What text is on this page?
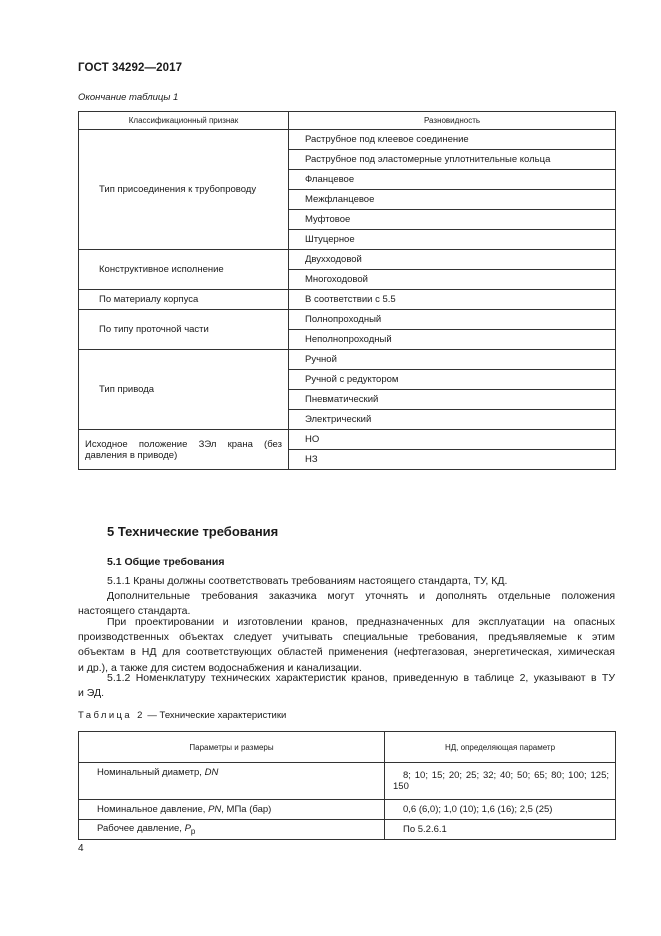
ГОСТ 34292—2017
Окончание таблицы 1
Классификационный признак	Разновидность
Тип присоединения к трубопроводу	Раструбное под клеевое соединение
	Раструбное под эластомерные уплотнительные кольца
	Фланцевое
	Межфланцевое
	Муфтовое
	Штуцерное
Конструктивное исполнение	Двухходовой
	Многоходовой
По материалу корпуса	В соответствии с 5.5
По типу проточной части	Полнопроходный
	Неполнопроходный
Тип привода	Ручной
	Ручной с редуктором
	Пневматический
	Электрический

Исходное положение ЗЭл крана (без
давления в приводе)	НО
	НЗ
5 Технические требования
5.1 Общие требования
5.1.1 Краны должны соответствовать требованиям настоящего стандарта, ТУ, КД.
Дополнительные требования заказчика могут уточнять и дополнять отдельные положения
настоящего стандарта.
При проектировании и изготовлении кранов, предназначенных для эксплуатации на опасных
производственных объектах следует учитывать специальные требования, предъявляемые к этим
объектам в НД для соответствующих областей применения (нефтегазовая, энергетическая, химическая
и др.), а также для систем водоснабжения и канализации.
5.1.2 Номенклатуру технических характеристик кранов, приведенную в таблице 2, указывают в ТУ
и ЭД.
Таблица 2 — Технические характеристики
Параметры и размеры	НД, определяющая параметр
Номинальный диаметр, DN	8; 10; 15; 20; 25; 32; 40; 50; 65; 80; 100; 125;
150

Номинальное давление, PN, МПа (бар)	0,6 (6,0); 1,0 (10); 1,6 (16); 2,5 (25)
Рабочее давление, $P_р$	По 5.2.6.1
4
